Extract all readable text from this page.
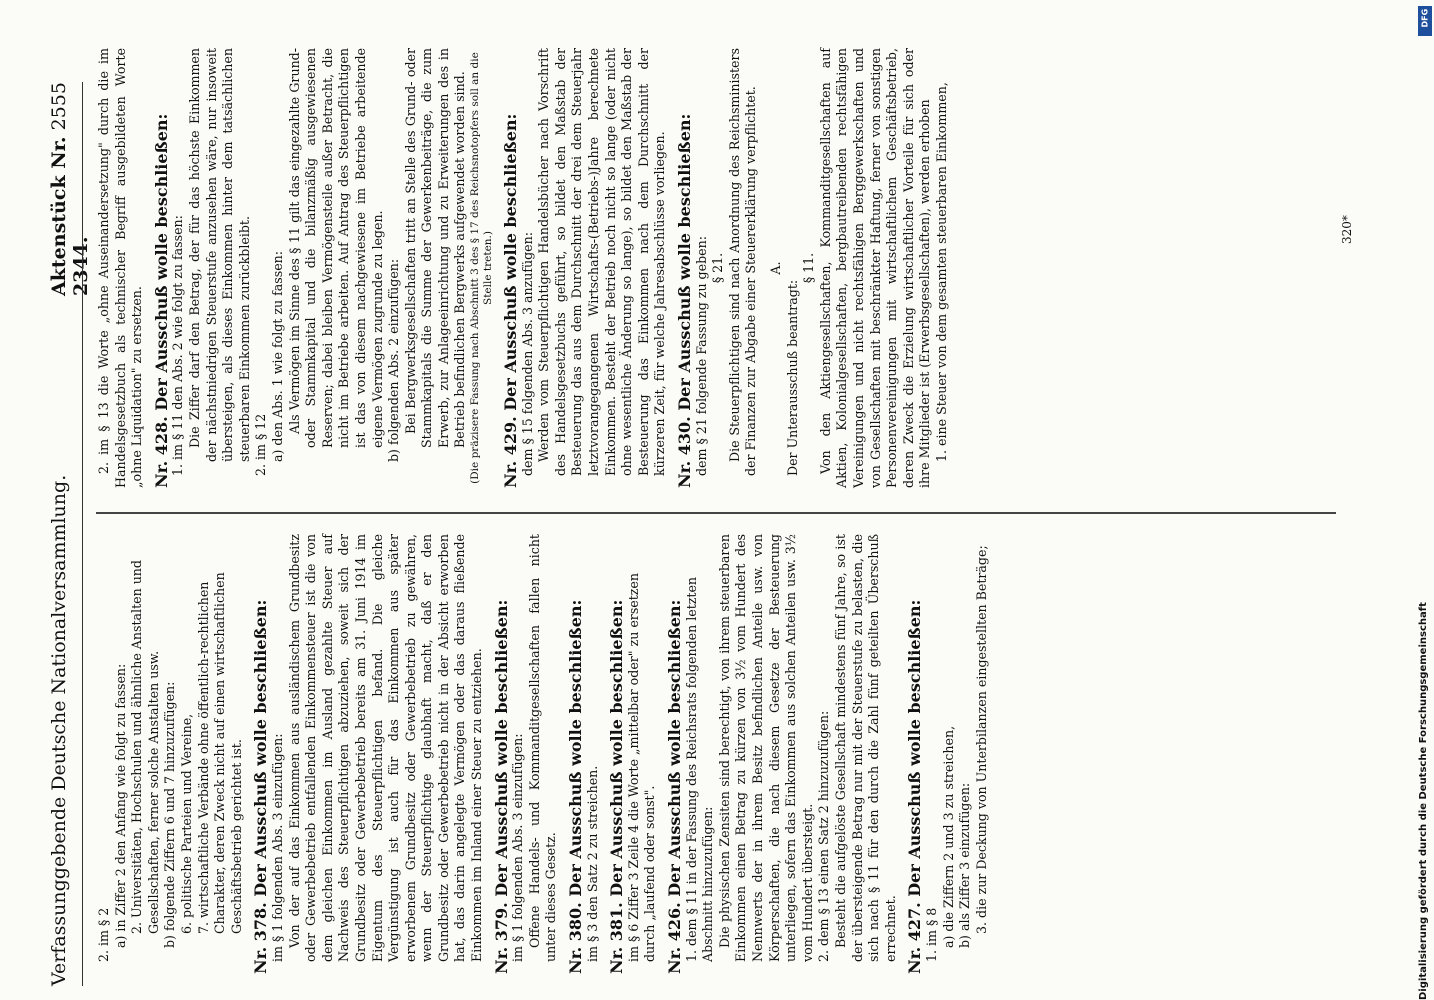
Verfassunggebende Deutsche Nationalversammlung.
Aktenstück Nr. 2344.
2555

2. im § 2 a) in Ziffer 2 den Anfang wie folgt zu fassen: 2. Universitäten, Hochschulen und ähnliche Anstalten und Gesellschaften, ferner solche Anstalten usw. b) folgende Ziffern 6 und 7 hinzuzufügen: 6. politische Parteien und Vereine, 7. wirtschaftliche Verbände ohne öffentlich-rechtlichen Charakter, deren Zweck nicht auf einen wirtschaftlichen Geschäftsbetrieb gerichtet ist. Nr. 378. Der Ausschuß wolle beschließen: im § 1 folgenden Abs. 3 einzufügen: Von der auf das Einkommen aus ausländischem Grundbesitz oder Gewerbebetrieb entfallenden Einkommensteuer ist die von dem gleichen Einkommen im Ausland gezahlte Steuer auf Nachweis des Steuerpflichtigen abzuziehen, soweit sich der Grundbesitz oder Gewerbebetrieb bereits am 31. Juni 1914 im Eigentum des Steuerpflichtigen befand. Die gleiche Vergünstigung ist auch für das Einkommen aus später erworbenem Grundbesitz oder Gewerbebetrieb zu gewähren, wenn der Steuerpflichtige glaubhaft macht, daß er den Grundbesitz oder Gewerbebetrieb nicht in der Absicht erworben hat, das darin angelegte Vermögen oder das daraus fließende Einkommen im Inland einer Steuer zu entziehen. Nr. 379. Der Ausschuß wolle beschließen: im § 1 folgenden Abs. 3 einzufügen: Offene Handels- und Kommanditgesellschaften fallen nicht unter dieses Gesetz. Nr. 380. Der Ausschuß wolle beschließen: im § 3 den Satz 2 zu streichen. Nr. 381. Der Ausschuß wolle beschließen: im § 6 Ziffer 3 Zeile 4 die Worte „mittelbar oder" zu ersetzen durch „laufend oder sonst". Nr. 426. Der Ausschuß wolle beschließen: 1. dem § 11 in der Fassung des Reichsrats folgenden letzten Abschnitt hinzuzufügen: Die physischen Zensiten sind berechtigt, von ihrem steuerbaren Einkommen einen Betrag zu kürzen von 3½ vom Hundert des Nennwerts der in ihrem Besitz befindlichen Anteile usw. von Körperschaften, die nach diesem Gesetze der Besteuerung unterliegen, sofern das Einkommen aus solchen Anteilen usw. 3½ vom Hundert übersteigt. 2. dem § 13 einen Satz 2 hinzuzufügen: Besteht die aufgelöste Gesellschaft mindestens fünf Jahre, so ist der übersteigende Betrag nur mit der Steuerstufe zu belasten, die sich nach § 11 für den durch die Zahl fünf geteilten Überschuß errechnet. Nr. 427. Der Ausschuß wolle beschließen: 1. im § 8 a) die Ziffern 2 und 3 zu streichen, b) als Ziffer 3 einzufügen: 3. die zur Deckung von Unterbilanzen eingestellten Beträge;

2. im § 13 die Worte „ohne Auseinandersetzung" durch die im Handelsgesetzbuch als technischer Begriff ausgebildeten Worte „ohne Liquidation" zu ersetzen. Nr. 428. Der Ausschuß wolle beschließen: 1. im § 11 den Abs. 2 wie folgt zu fassen: Die Ziffer darf den Betrag, der für das höchste Einkommen der nächstniedrigen Steuerstufe anzusehen wäre, nur insoweit übersteigen, als dieses Einkommen hinter dem tatsächlichen steuerbaren Einkommen zurückbleibt. 2. im § 12 a) den Abs. 1 wie folgt zu fassen: Als Vermögen im Sinne des § 11 gilt das eingezahlte Grund- oder Stammkapital und die bilanzmäßig ausgewiesenen Reserven; dabei bleiben Vermögensteile außer Betracht, die nicht im Betriebe arbeiten. Auf Antrag des Steuerpflichtigen ist das von diesem nachgewiesene im Betriebe arbeitende eigene Vermögen zugrunde zu legen. b) folgenden Abs. 2 einzufügen: Bei Bergwerksgesellschaften tritt an Stelle des Grund- oder Stammkapitals die Summe der Gewerkenbeiträge, die zum Erwerb, zur Anlageeinrichtung und zu Erweiterungen des in Betrieb befindlichen Bergwerks aufgewendet worden sind. (Die präzisere Fassung nach Abschnitt 3 des § 17 des Reichsnotopfers soll an die Stelle treten.) Nr. 429. Der Ausschuß wolle beschließen: dem § 15 folgenden Abs. 3 anzufügen: Werden vom Steuerpflichtigen Handelsbücher nach Vorschrift des Handelsgesetzbuchs geführt, so bildet den Maßstab der Besteuerung das aus dem Durchschnitt der drei dem Steuerjahr letztvorangegangenen Wirtschafts-(Betriebs-)Jahre berechnete Einkommen. Besteht der Betrieb noch nicht so lange (oder nicht ohne wesentliche Änderung so lange), so bildet den Maßstab der Besteuerung das Einkommen nach dem Durchschnitt der kürzeren Zeit, für welche Jahresabschlüsse vorliegen. Nr. 430. Der Ausschuß wolle beschließen: dem § 21 folgende Fassung zu geben: § 21. Die Steuerpflichtigen sind nach Anordnung des Reichsministers der Finanzen zur Abgabe einer Steuererklärung verpflichtet. A.

Der Unterausschuß beantragt:

§ 11. Von den Aktiengesellschaften, Kommanditgesellschaften auf Aktien, Kolonialgesellschaften, bergbautreibenden rechtsfähigen Vereinigungen und nicht rechtsfähigen Berggewerkschaften und von Gesellschaften mit beschränkter Haftung, ferner von sonstigen Personenvereinigungen mit wirtschaftlichem Geschäftsbetrieb, deren Zweck die Erzielung wirtschaftlicher Vorteile für sich oder ihre Mitglieder ist (Erwerbsgesellschaften), werden erhoben 1. eine Steuer von dem gesamten steuerbaren Einkommen,	320*
DFG
Digitalisierung gefördert durch die Deutsche Forschungsgemeinschaft
